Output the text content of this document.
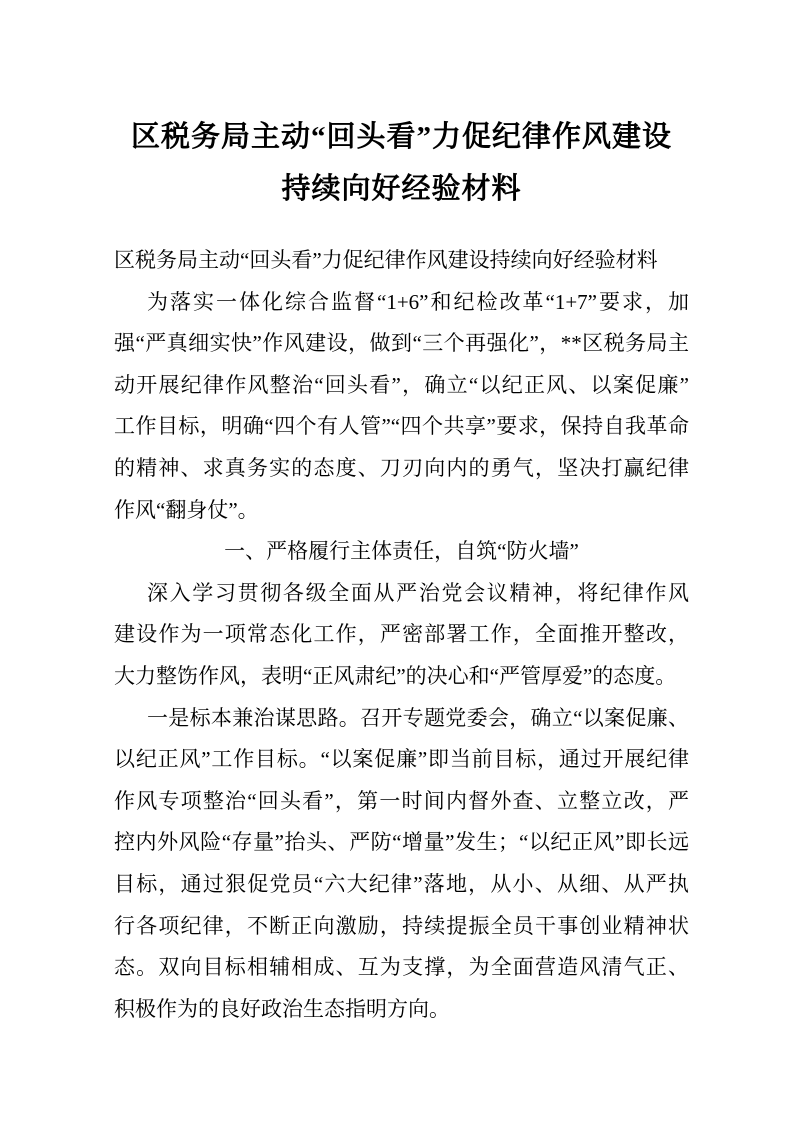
区税务局主动“回头看”力促纪律作风建设
持续向好经验材料
区税务局主动“回头看”力促纪律作风建设持续向好经验材料
为落实一体化综合监督“1+6”和纪检改革“1+7”要求，加
强“严真细实快”作风建设，做到“三个再强化”，**区税务局主
动开展纪律作风整治“回头看”，确立“以纪正风、以案促廉”
工作目标，明确“四个有人管”“四个共享”要求，保持自我革命
的精神、求真务实的态度、刀刃向内的勇气，坚决打赢纪律
作风“翻身仗”。
一、严格履行主体责任，自筑“防火墙”
深入学习贯彻各级全面从严治党会议精神，将纪律作风
建设作为一项常态化工作，严密部署工作，全面推开整改，
大力整饬作风，表明“正风肃纪”的决心和“严管厚爱”的态度。
一是标本兼治谋思路。召开专题党委会，确立“以案促廉、
以纪正风”工作目标。“以案促廉”即当前目标，通过开展纪律
作风专项整治“回头看”，第一时间内督外查、立整立改，严
控内外风险“存量”抬头、严防“增量”发生；“以纪正风”即长远
目标，通过狠促党员“六大纪律”落地，从小、从细、从严执
行各项纪律，不断正向激励，持续提振全员干事创业精神状
态。双向目标相辅相成、互为支撑，为全面营造风清气正、
积极作为的良好政治生态指明方向。
